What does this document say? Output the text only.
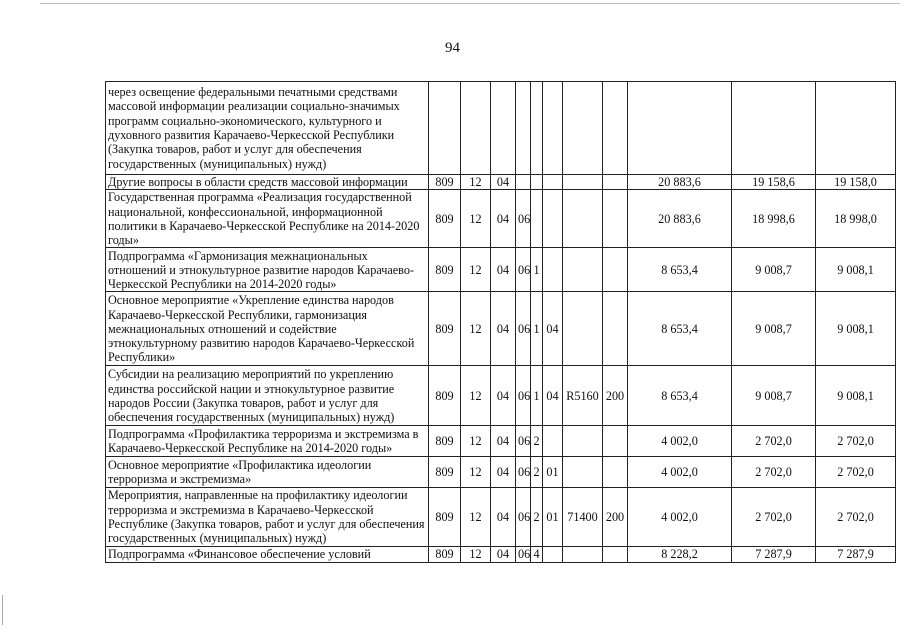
94
через освещение федеральными печатными средствами массовой информации реализации социально-значимых программ социально-экономического, культурного и духовного развития Карачаево-Черкесской Республики (Закупка товаров, работ и услуг для обеспечения государственных (муниципальных) нужд)											
Другие вопросы в области средств массовой информации	809	12	04						20 883,6	19 158,6	19 158,0
Государственная программа «Реализация государственной национальной, конфессиональной, информационной политики в Карачаево-Черкесской Республике на 2014-2020 годы»	809	12	04	06					20 883,6	18 998,6	18 998,0
Подпрограмма «Гармонизация межнациональных отношений и этнокультурное развитие народов Карачаево-Черкесской Республики на 2014-2020 годы»	809	12	04	06	1				8 653,4	9 008,7	9 008,1
Основное мероприятие «Укрепление единства народов Карачаево-Черкесской Республики, гармонизация межнациональных отношений и содействие этнокультурному развитию народов Карачаево-Черкесской Республики»	809	12	04	06	1	04			8 653,4	9 008,7	9 008,1
Субсидии на реализацию мероприятий по укреплению единства российской нации и этнокультурное развитие народов России (Закупка товаров, работ и услуг для обеспечения государственных (муниципальных) нужд)	809	12	04	06	1	04	R5160	200	8 653,4	9 008,7	9 008,1
Подпрограмма «Профилактика терроризма и экстремизма в Карачаево-Черкесской Республике на 2014-2020 годы»	809	12	04	06	2				4 002,0	2 702,0	2 702,0
Основное мероприятие «Профилактика идеологии терроризма и экстремизма»	809	12	04	06	2	01			4 002,0	2 702,0	2 702,0
Мероприятия, направленные на профилактику идеологии терроризма и экстремизма в Карачаево-Черкесской Республике (Закупка товаров, работ и услуг для обеспечения государственных (муниципальных) нужд)	809	12	04	06	2	01	71400	200	4 002,0	2 702,0	2 702,0
Подпрограмма «Финансовое обеспечение условий	809	12	04	06	4				8 228,2	7 287,9	7 287,9
